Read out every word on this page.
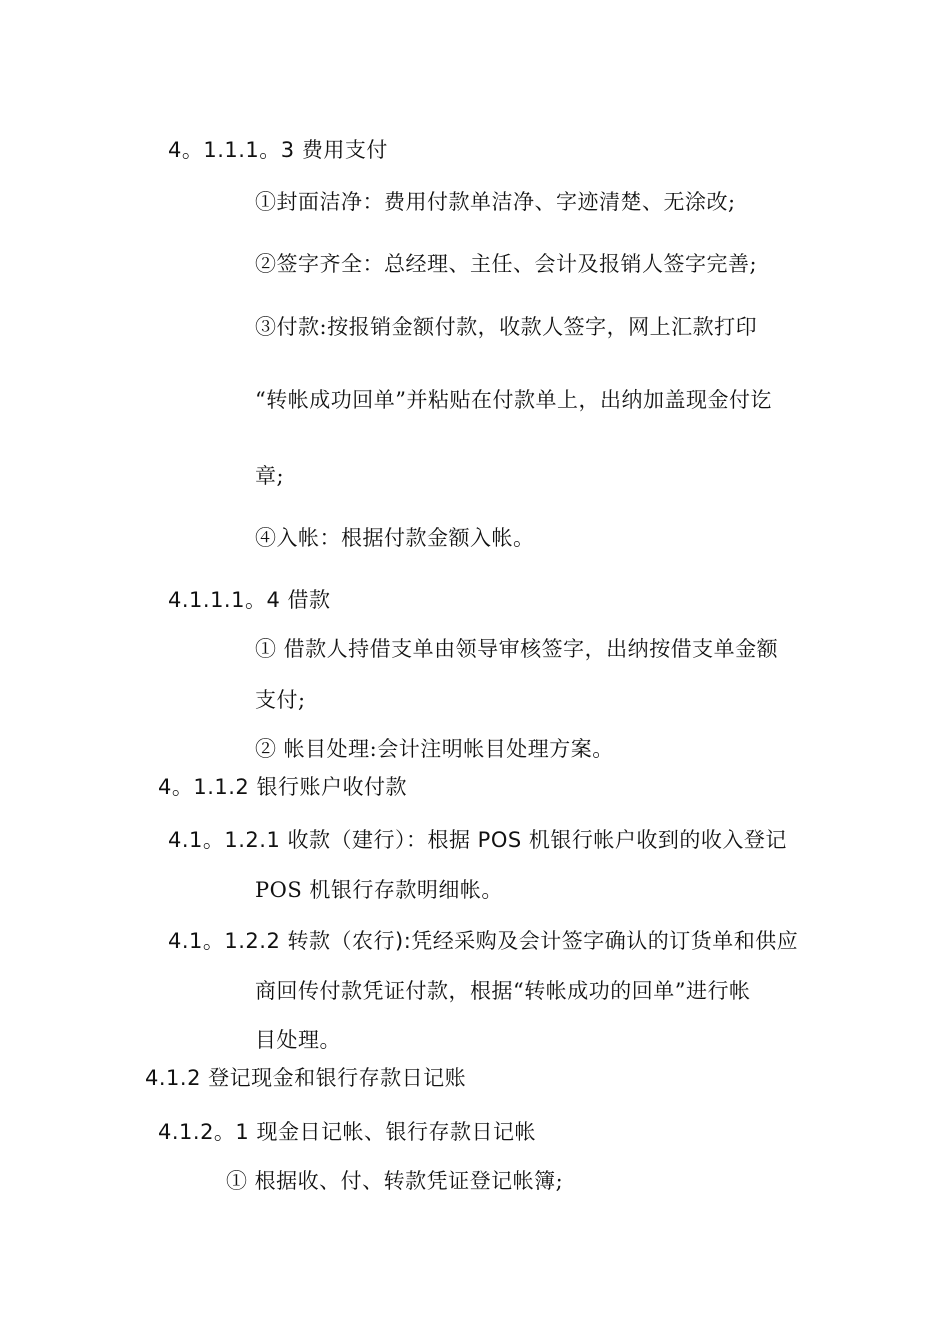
4。1.1.1。3 费用支付
①封面洁净：费用付款单洁净、字迹清楚、无涂改;
②签字齐全：总经理、主任、会计及报销人签字完善;
③付款:按报销金额付款，收款人签字，网上汇款打印
“转帐成功回单”并粘贴在付款单上，出纳加盖现金付讫
章;
④入帐：根据付款金额入帐。
4.1.1.1。4 借款
① 借款人持借支单由领导审核签字，出纳按借支单金额
支付;
② 帐目处理:会计注明帐目处理方案。
4。1.1.2 银行账户收付款
4.1。1.2.1 收款（建行）：根据 POS 机银行帐户收到的收入登记
POS 机银行存款明细帐。
4.1。1.2.2 转款（农行):凭经采购及会计签字确认的订货单和供应
商回传付款凭证付款，根据“转帐成功的回单”进行帐
目处理。
4.1.2 登记现金和银行存款日记账
4.1.2。1 现金日记帐、银行存款日记帐
① 根据收、付、转款凭证登记帐簿;
